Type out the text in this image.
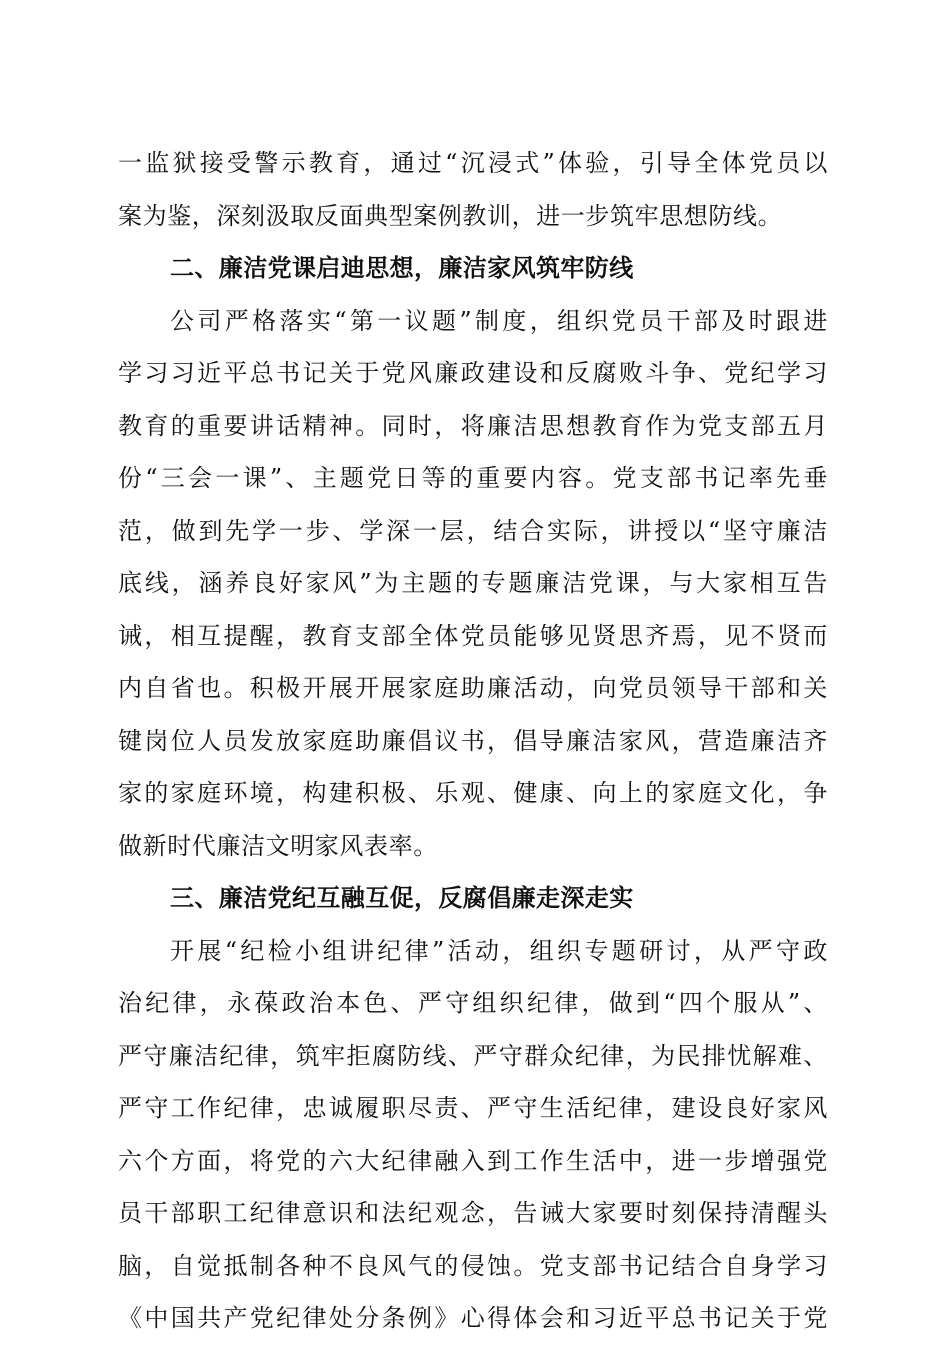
一监狱接受警示教育，通过“沉浸式”体验，引导全体党员以
案为鉴，深刻汲取反面典型案例教训，进一步筑牢思想防线。
二、廉洁党课启迪思想，廉洁家风筑牢防线
公司严格落实“第一议题”制度，组织党员干部及时跟进
学习习近平总书记关于党风廉政建设和反腐败斗争、党纪学习
教育的重要讲话精神。同时，将廉洁思想教育作为党支部五月
份“三会一课”、主题党日等的重要内容。党支部书记率先垂
范，做到先学一步、学深一层，结合实际，讲授以“坚守廉洁
底线，涵养良好家风”为主题的专题廉洁党课，与大家相互告
诫，相互提醒，教育支部全体党员能够见贤思齐焉，见不贤而
内自省也。积极开展开展家庭助廉活动，向党员领导干部和关
键岗位人员发放家庭助廉倡议书，倡导廉洁家风，营造廉洁齐
家的家庭环境，构建积极、乐观、健康、向上的家庭文化，争
做新时代廉洁文明家风表率。
三、廉洁党纪互融互促，反腐倡廉走深走实
开展“纪检小组讲纪律”活动，组织专题研讨，从严守政
治纪律，永葆政治本色、严守组织纪律，做到“四个服从”、
严守廉洁纪律，筑牢拒腐防线、严守群众纪律，为民排忧解难、
严守工作纪律，忠诚履职尽责、严守生活纪律，建设良好家风
六个方面，将党的六大纪律融入到工作生活中，进一步增强党
员干部职工纪律意识和法纪观念，告诫大家要时刻保持清醒头
脑，自觉抵制各种不良风气的侵蚀。党支部书记结合自身学习
《中国共产党纪律处分条例》心得体会和习近平总书记关于党
